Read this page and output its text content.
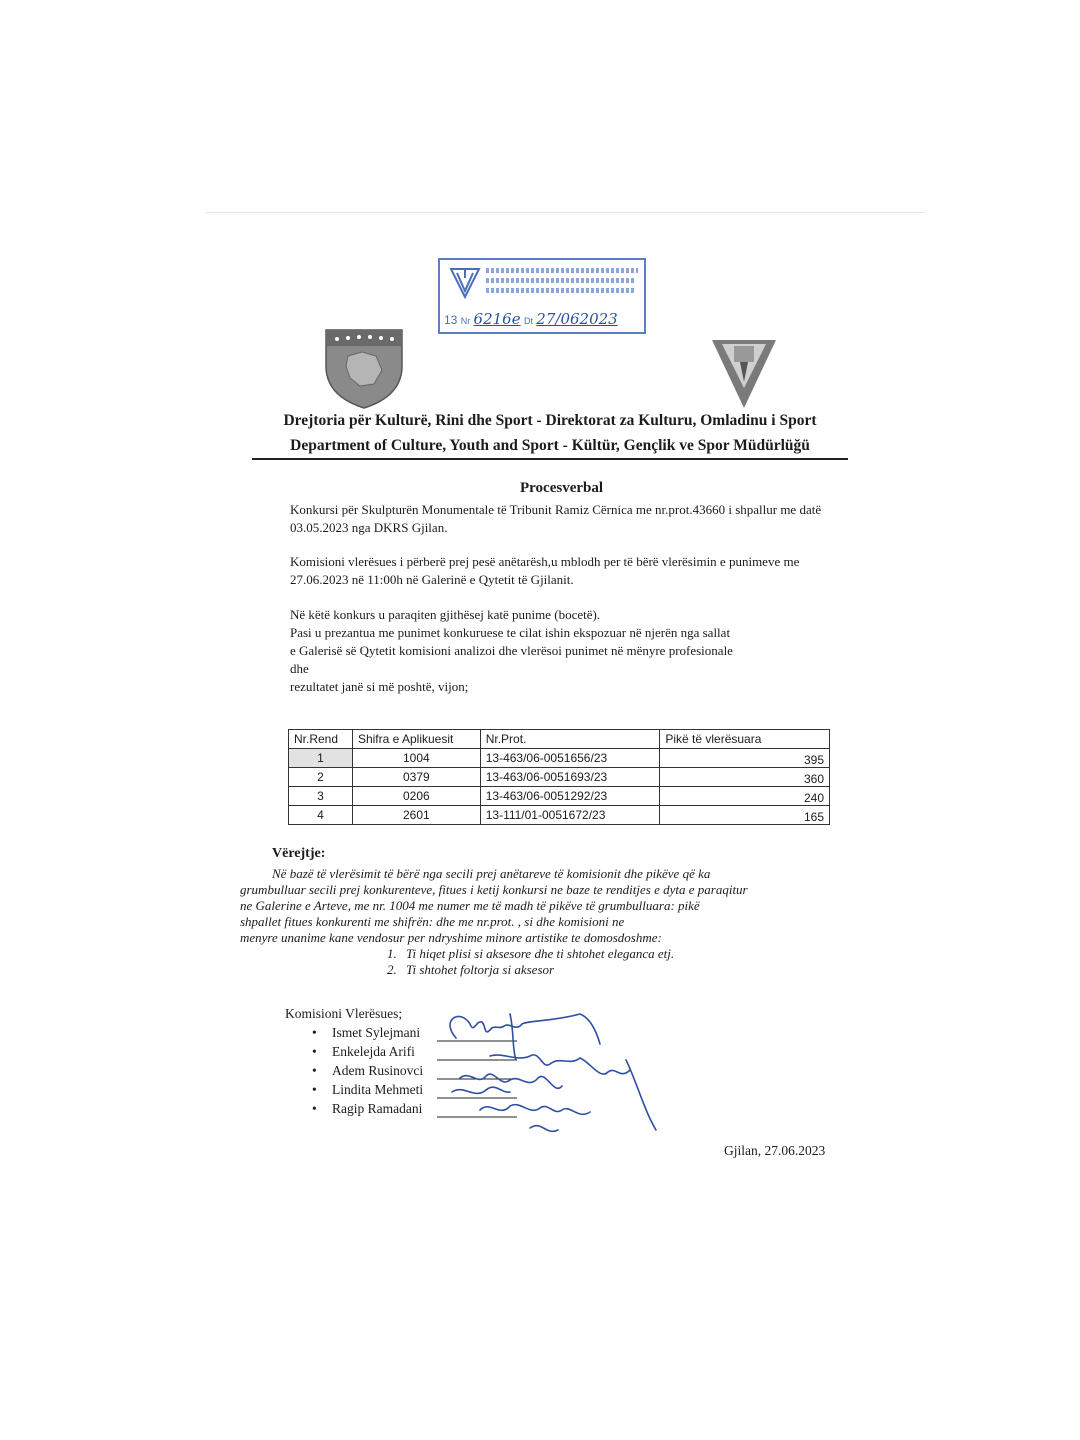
13 Nr 6216e Dt 27/062023
Drejtoria për Kulturë, Rini dhe Sport - Direktorat za Kulturu, Omladinu i Sport
Department of Culture, Youth and Sport - Kültür, Gençlik ve Spor Müdürlüğü
Procesverbal
Konkursi për Skulpturën Monumentale të Tribunit Ramiz Cërnica me nr.prot.43660 i shpallur me datë 03.05.2023 nga DKRS Gjilan.
Komisioni vlerësues i përberë prej pesë anëtarësh,u mblodh per të bërë vlerësimin e punimeve me 27.06.2023 në 11:00h në Galerinë e Qytetit të Gjilanit.
Në këtë konkurs u paraqiten gjithësej katë punime (bocetë).
Pasi u prezantua me punimet konkuruese te cilat ishin ekspozuar në njerën nga sallat
e Galerisë së Qytetit komisioni analizoi dhe vlerësoi punimet në mënyre profesionale
dhe
rezultatet janë si më poshtë, vijon;
Nr.Rend	Shifra e Aplikuesit	Nr.Prot.	Pikë të vlerësuara
1	1004	13-463/06-0051656/23	395
2	0379	13-463/06-0051693/23	360
3	0206	13-463/06-0051292/23	240
4	2601	13-111/01-0051672/23	165
Vërejtje:
Në bazë të vlerësimit të bërë nga secili prej anëtareve të komisionit dhe pikëve që ka
grumbulluar secili prej konkurenteve, fitues i ketij konkursi ne baze te renditjes e dyta e paraqitur
ne Galerine e Arteve, me nr. 1004 me numer me të madh të pikëve të grumbulluara: pikë
shpallet fitues konkurenti me shifrën: dhe me nr.prot. , si dhe komisioni ne
menyre unanime kane vendosur per ndryshime minore artistike te domosdoshme:
1. Ti hiqet plisi si aksesore dhe ti shtohet eleganca etj.
2. Ti shtohet foltorja si aksesor
Komisioni Vlerësues;
• Ismet Sylejmani
• Enkelejda Arifi
• Adem Rusinovci
• Lindita Mehmeti
• Ragip Ramadani
Gjilan, 27.06.2023
